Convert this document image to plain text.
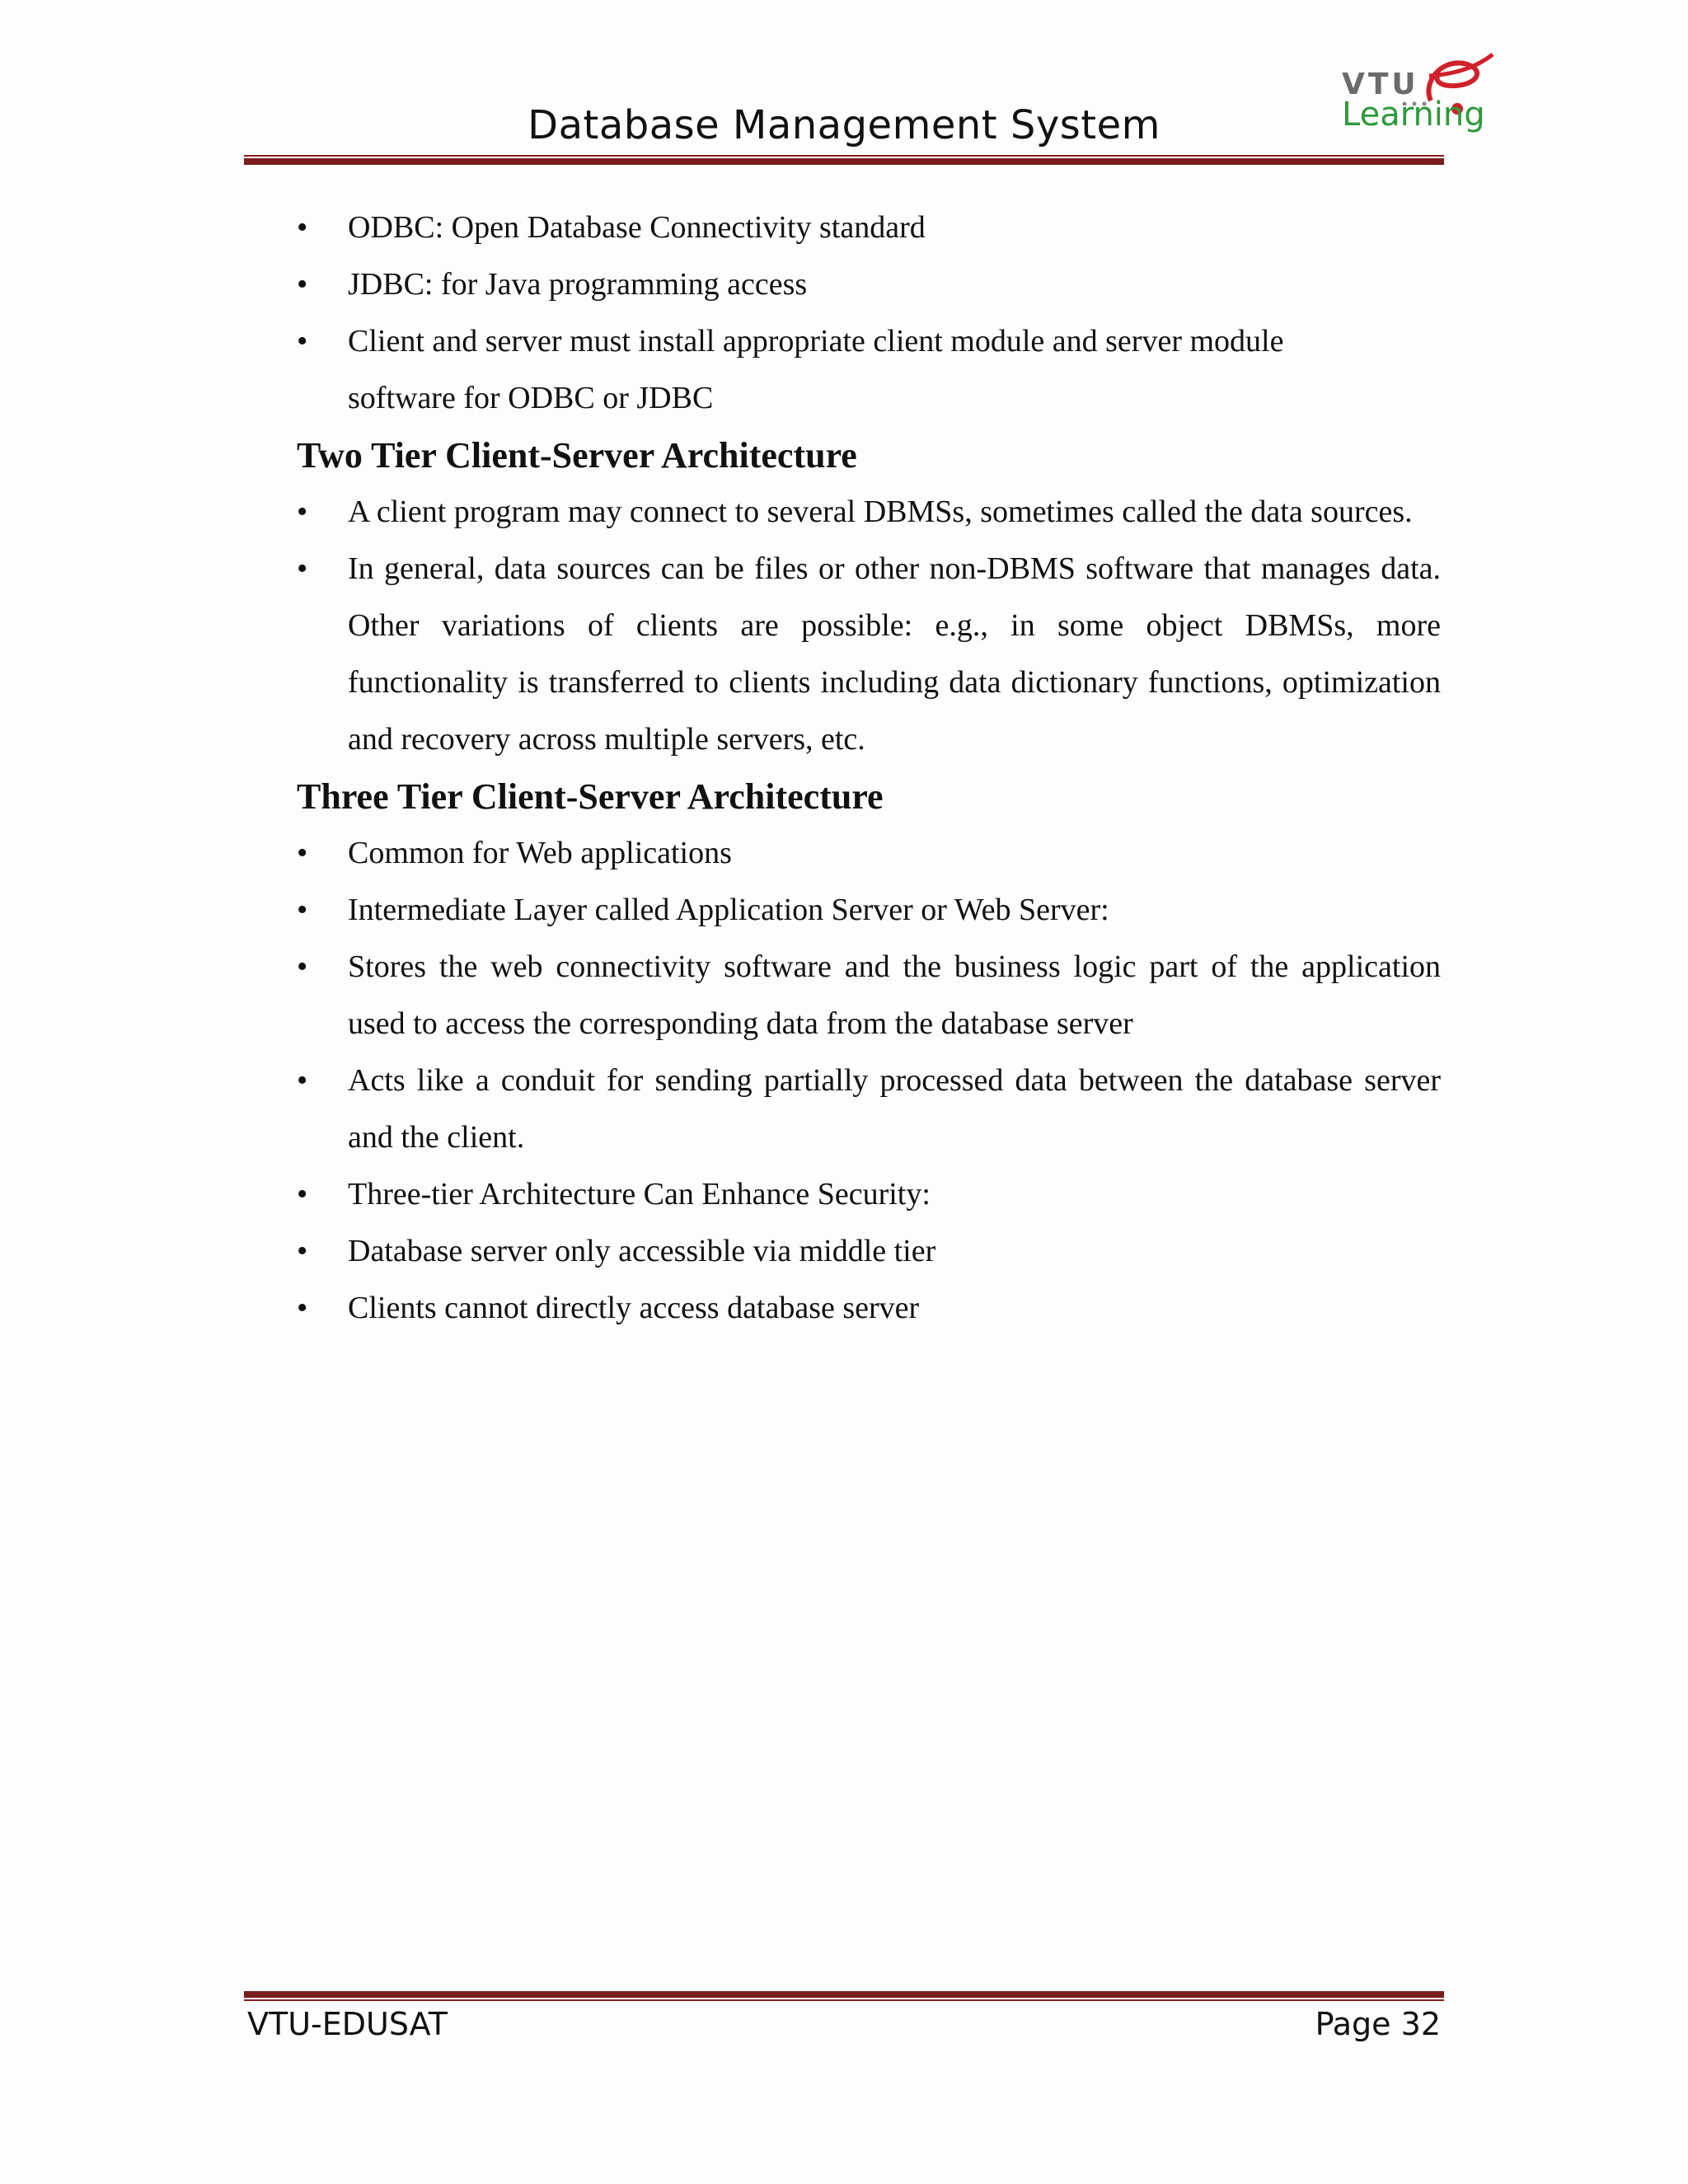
Database Management System
VTU
Learning
• ODBC: Open Database Connectivity standard
• JDBC: for Java programming access
• Client and server must install appropriate client module and server module software for ODBC or JDBC
Two Tier Client-Server Architecture
• A client program may connect to several DBMSs, sometimes called the data sources.
• In general, data sources can be files or other non-DBMS software that manages data. Other variations of clients are possible: e.g., in some object DBMSs, more functionality is transferred to clients including data dictionary functions, optimization and recovery across multiple servers, etc.
Three Tier Client-Server Architecture
• Common for Web applications
• Intermediate Layer called Application Server or Web Server:
• Stores the web connectivity software and the business logic part of the application used to access the corresponding data from the database server
• Acts like a conduit for sending partially processed data between the database server and the client.
• Three-tier Architecture Can Enhance Security:
• Database server only accessible via middle tier
• Clients cannot directly access database server
VTU-EDUSAT	Page 32
